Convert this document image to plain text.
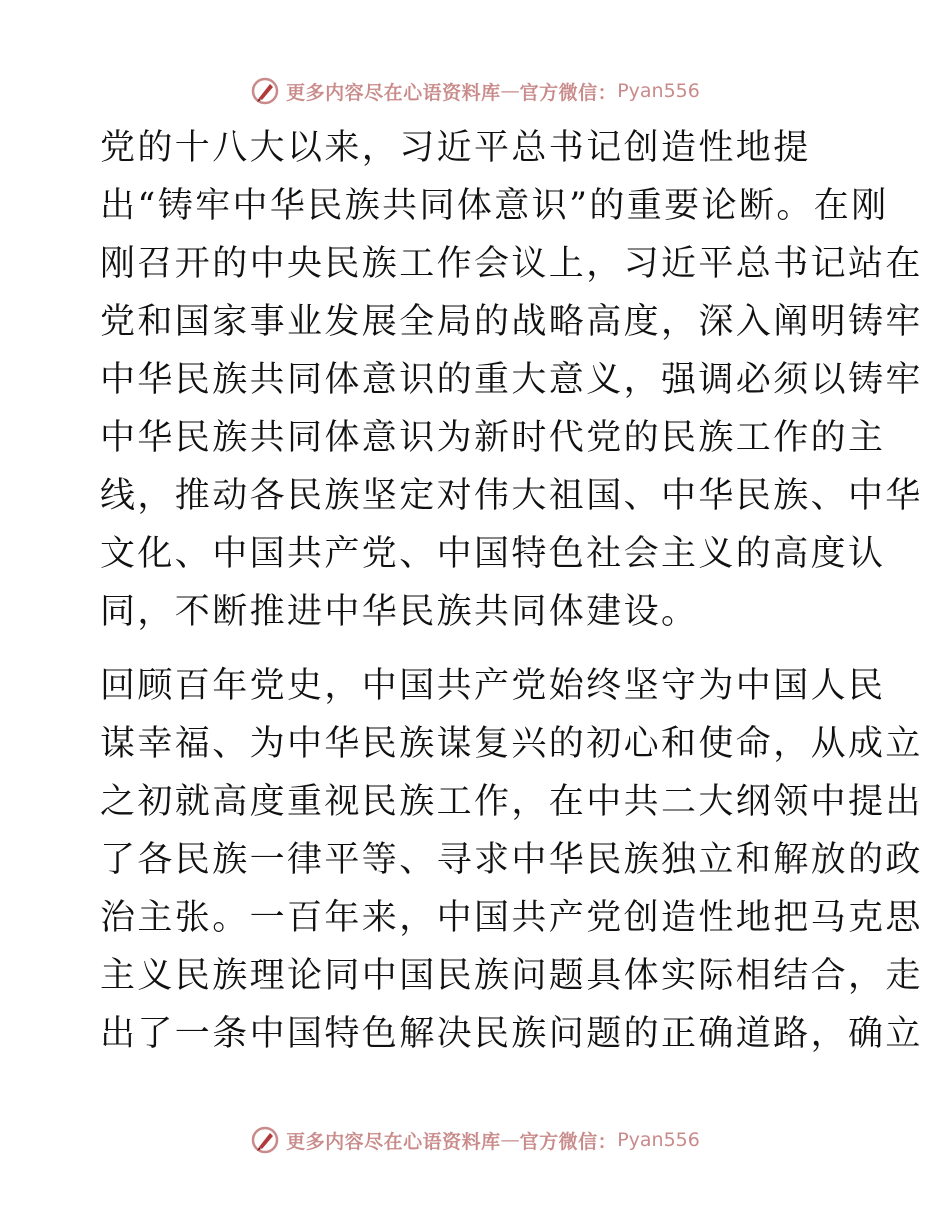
更多内容尽在心语资料库 — 官方微信： Pyan556
党的十八大以来，习近平总书记创造性地提
出“铸牢中华民族共同体意识”的重要论断。在刚
刚召开的中央民族工作会议上，习近平总书记站在
党和国家事业发展全局的战略高度，深入阐明铸牢
中华民族共同体意识的重大意义，强调必须以铸牢
中华民族共同体意识为新时代党的民族工作的主
线，推动各民族坚定对伟大祖国、中华民族、中华
文化、中国共产党、中国特色社会主义的高度认
同，不断推进中华民族共同体建设。
回顾百年党史，中国共产党始终坚守为中国人民
谋幸福、为中华民族谋复兴的初心和使命，从成立
之初就高度重视民族工作，在中共二大纲领中提出
了各民族一律平等、寻求中华民族独立和解放的政
治主张。一百年来，中国共产党创造性地把马克思
主义民族理论同中国民族问题具体实际相结合，走
出了一条中国特色解决民族问题的正确道路，确立
更多内容尽在心语资料库 — 官方微信： Pyan556
